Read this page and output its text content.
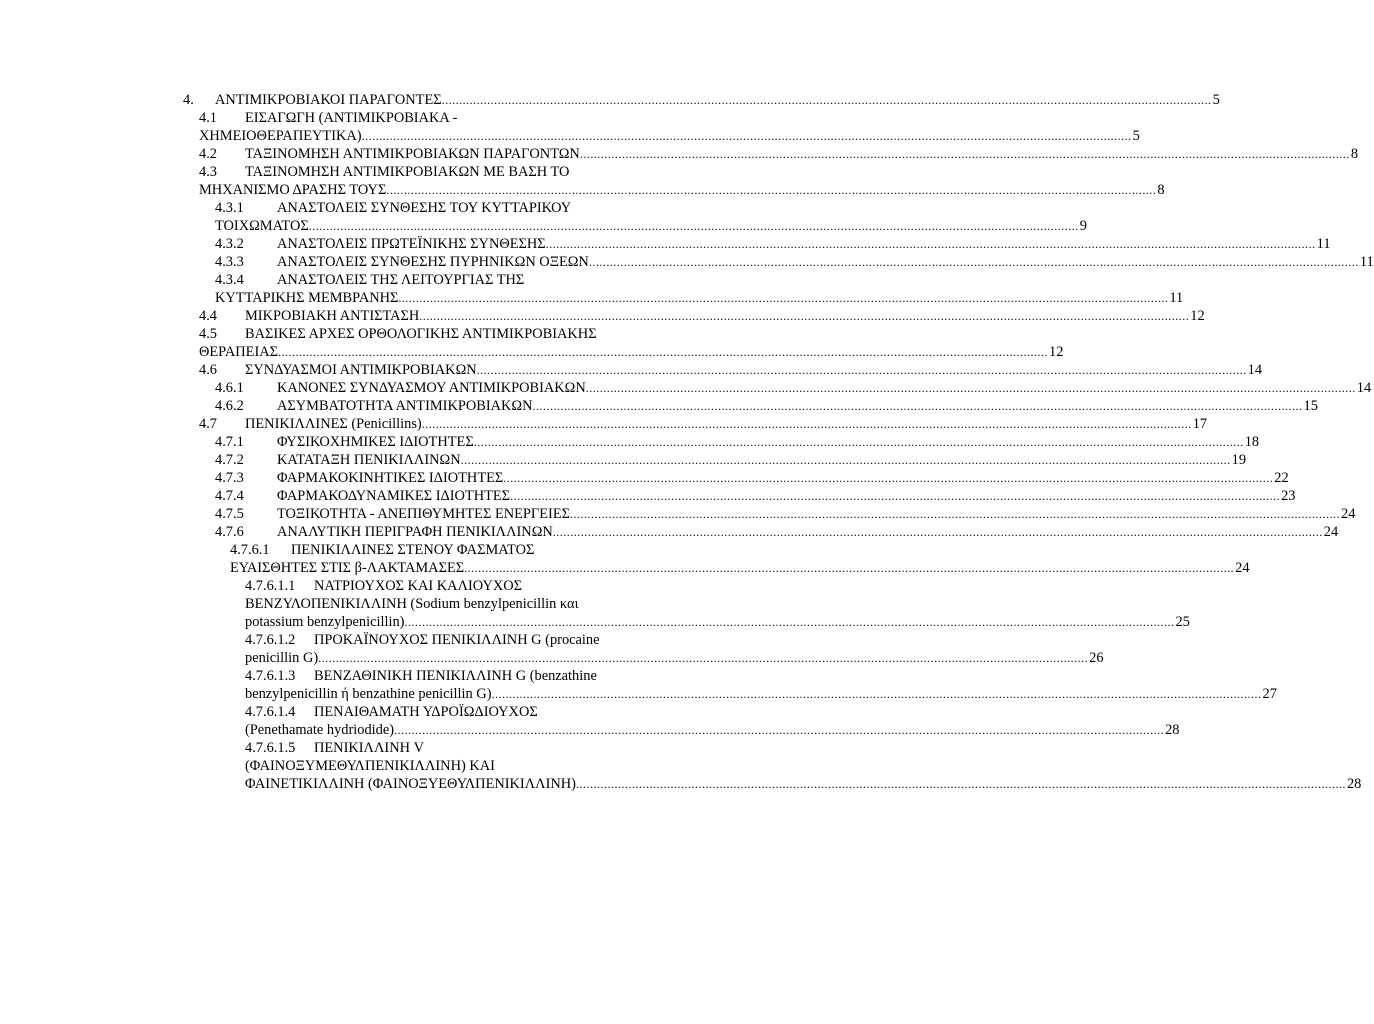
4. ΑΝΤΙΜΙΚΡΟΒΙΑΚΟΙ ΠΑΡΑΓΟΝΤΕΣ ............................................................................................................................................................................................................................ 5
4.1 ΕΙΣΑΓΩΓΗ (ΑΝΤΙΜΙΚΡΟΒΙΑΚΑ -
ΧΗΜΕΙΟΘΕΡΑΠΕΥΤΙΚΑ) ............................................................................................................................................................................................................................ 5
4.2 ΤΑΞΙΝΟΜΗΣΗ ΑΝΤΙΜΙΚΡΟΒΙΑΚΩΝ ΠΑΡΑΓΟΝΤΩΝ ............................................................................................................................................................................................................................ 8
4.3 ΤΑΞΙΝΟΜΗΣΗ ΑΝΤΙΜΙΚΡΟΒΙΑΚΩΝ ΜΕ ΒΑΣΗ ΤΟ
ΜΗΧΑΝΙΣΜΟ ΔΡΑΣΗΣ ΤΟΥΣ ............................................................................................................................................................................................................................ 8
4.3.1 ΑΝΑΣΤΟΛΕΙΣ ΣΥΝΘΕΣΗΣ ΤΟΥ ΚΥΤΤΑΡΙΚΟΥ
ΤΟΙΧΩΜΑΤΟΣ ............................................................................................................................................................................................................................ 9
4.3.2 ΑΝΑΣΤΟΛΕΙΣ ΠΡΩΤΕΪΝΙΚΗΣ ΣΥΝΘΕΣΗΣ ............................................................................................................................................................................................................................ 11
4.3.3 ΑΝΑΣΤΟΛΕΙΣ ΣΥΝΘΕΣΗΣ ΠΥΡΗΝΙΚΩΝ ΟΞΕΩΝ ............................................................................................................................................................................................................................ 11
4.3.4 ΑΝΑΣΤΟΛΕΙΣ ΤΗΣ ΛΕΙΤΟΥΡΓΙΑΣ ΤΗΣ
ΚΥΤΤΑΡΙΚΗΣ ΜΕΜΒΡΑΝΗΣ ............................................................................................................................................................................................................................ 11
4.4 ΜΙΚΡΟΒΙΑΚΗ ΑΝΤΙΣΤΑΣΗ ............................................................................................................................................................................................................................ 12
4.5 ΒΑΣΙΚΕΣ ΑΡΧΕΣ ΟΡΘΟΛΟΓΙΚΗΣ ΑΝΤΙΜΙΚΡΟΒΙΑΚΗΣ
ΘΕΡΑΠΕΙΑΣ ............................................................................................................................................................................................................................ 12
4.6 ΣΥΝΔΥΑΣΜΟΙ ΑΝΤΙΜΙΚΡΟΒΙΑΚΩΝ ............................................................................................................................................................................................................................ 14
4.6.1 ΚΑΝΟΝΕΣ ΣΥΝΔΥΑΣΜΟΥ ΑΝΤΙΜΙΚΡΟΒΙΑΚΩΝ ............................................................................................................................................................................................................................ 14
4.6.2 ΑΣΥΜΒΑΤΟΤΗΤΑ ΑΝΤΙΜΙΚΡΟΒΙΑΚΩΝ ............................................................................................................................................................................................................................ 15
4.7 ΠΕΝΙΚΙΛΛΙΝΕΣ (Penicillins) ............................................................................................................................................................................................................................ 17
4.7.1 ΦΥΣΙΚΟΧΗΜΙΚΕΣ ΙΔΙΟΤΗΤΕΣ ............................................................................................................................................................................................................................ 18
4.7.2 ΚΑΤΑΤΑΞΗ ΠΕΝΙΚΙΛΛΙΝΩΝ ............................................................................................................................................................................................................................ 19
4.7.3 ΦΑΡΜΑΚΟΚΙΝΗΤΙΚΕΣ ΙΔΙΟΤΗΤΕΣ ............................................................................................................................................................................................................................ 22
4.7.4 ΦΑΡΜΑΚΟΔΥΝΑΜΙΚΕΣ ΙΔΙΟΤΗΤΕΣ ............................................................................................................................................................................................................................ 23
4.7.5 ΤΟΞΙΚΟΤΗΤΑ - ΑΝΕΠΙΘΥΜΗΤΕΣ ΕΝΕΡΓΕΙΕΣ ............................................................................................................................................................................................................................ 24
4.7.6 ΑΝΑΛΥΤΙΚΗ ΠΕΡΙΓΡΑΦΗ ΠΕΝΙΚΙΛΛΙΝΩΝ ............................................................................................................................................................................................................................ 24
4.7.6.1 ΠΕΝΙΚΙΛΛΙΝΕΣ ΣΤΕΝΟΥ ΦΑΣΜΑΤΟΣ
ΕΥΑΙΣΘΗΤΕΣ ΣΤΙΣ β-ΛΑΚΤΑΜΑΣΕΣ ............................................................................................................................................................................................................................ 24
4.7.6.1.1 ΝΑΤΡΙΟΥΧΟΣ ΚΑΙ ΚΑΛΙΟΥΧΟΣ
ΒΕΝΖΥΛΟΠΕΝΙΚΙΛΛΙΝΗ (Sodium benzylpenicillin και
potassium benzylpenicillin) ............................................................................................................................................................................................................................ 25
4.7.6.1.2 ΠΡΟΚΑΪΝΟΥΧΟΣ ΠΕΝΙΚΙΛΛΙΝΗ G (procaine
penicillin G) ............................................................................................................................................................................................................................ 26
4.7.6.1.3 ΒΕΝΖΑΘΙΝΙΚΗ ΠΕΝΙΚΙΛΛΙΝΗ G (benzathine
benzylpenicillin ή benzathine penicillin G) ............................................................................................................................................................................................................................ 27
4.7.6.1.4 ΠΕΝΑΙΘΑΜΑΤΗ ΥΔΡΟΪΩΔΙΟΥΧΟΣ
(Penethamate hydriodide) ............................................................................................................................................................................................................................ 28
4.7.6.1.5 ΠΕΝΙΚΙΛΛΙΝΗ V
(ΦΑΙΝΟΞΥΜΕΘΥΛΠΕΝΙΚΙΛΛΙΝΗ) ΚΑΙ
ΦΑΙΝΕΤΙΚΙΛΛΙΝΗ (ΦΑΙΝΟΞΥΕΘΥΛΠΕΝΙΚΙΛΛΙΝΗ) ............................................................................................................................................................................................................................ 28
